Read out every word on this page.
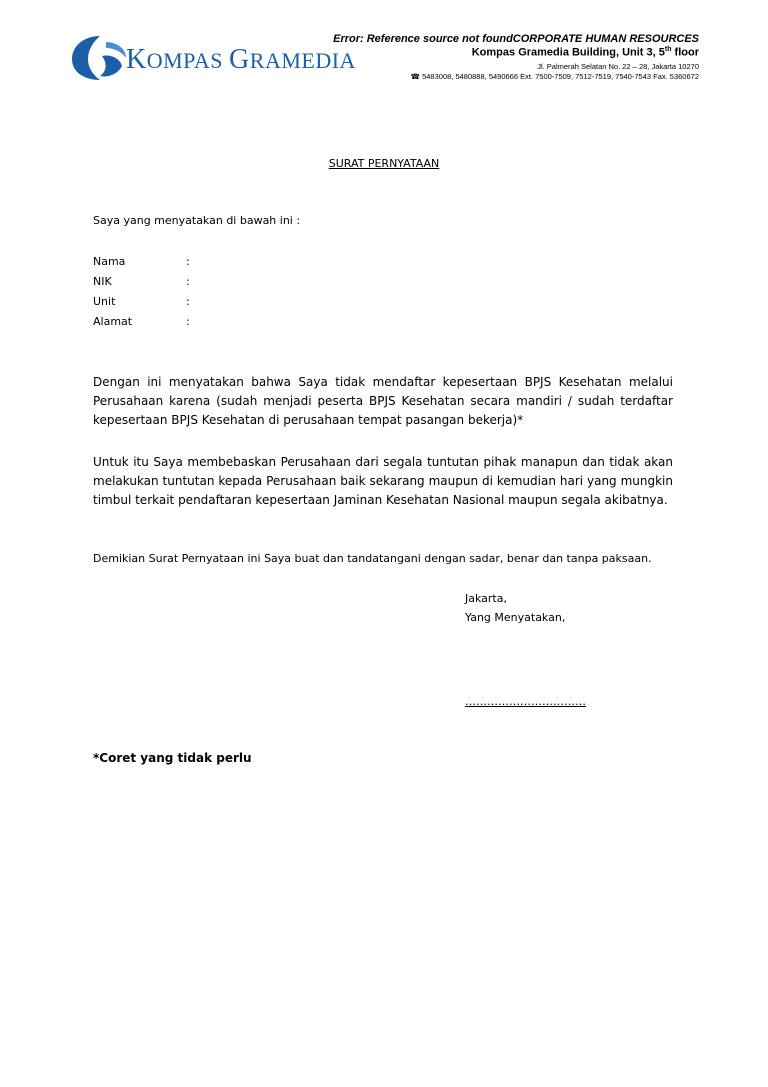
KOMPAS GRAMEDIA
Error: Reference source not foundCORPORATE HUMAN RESOURCES
Kompas Gramedia Building, Unit 3, 5th floor
Jl. Palmerah Selatan No. 22 – 28, Jakarta 10270
☎ 5483008, 5480888, 5490666 Ext. 7500-7509, 7512-7519, 7540-7543 Fax. 5360672
SURAT PERNYATAAN
Saya yang menyatakan di bawah ini :
Nama	:
NIK	:
Unit	:
Alamat	:
Dengan ini menyatakan bahwa Saya tidak mendaftar kepesertaan BPJS Kesehatan melalui Perusahaan karena (sudah menjadi peserta BPJS Kesehatan secara mandiri / sudah terdaftar kepesertaan BPJS Kesehatan di perusahaan tempat pasangan bekerja)*
Untuk itu Saya membebaskan Perusahaan dari segala tuntutan pihak manapun dan tidak akan melakukan tuntutan kepada Perusahaan baik sekarang maupun di kemudian hari yang mungkin timbul terkait pendaftaran kepesertaan Jaminan Kesehatan Nasional maupun segala akibatnya.
Demikian Surat Pernyataan ini Saya buat dan tandatangani dengan sadar, benar dan tanpa paksaan.
Jakarta,
Yang Menyatakan,
……………………………
*Coret yang tidak perlu
